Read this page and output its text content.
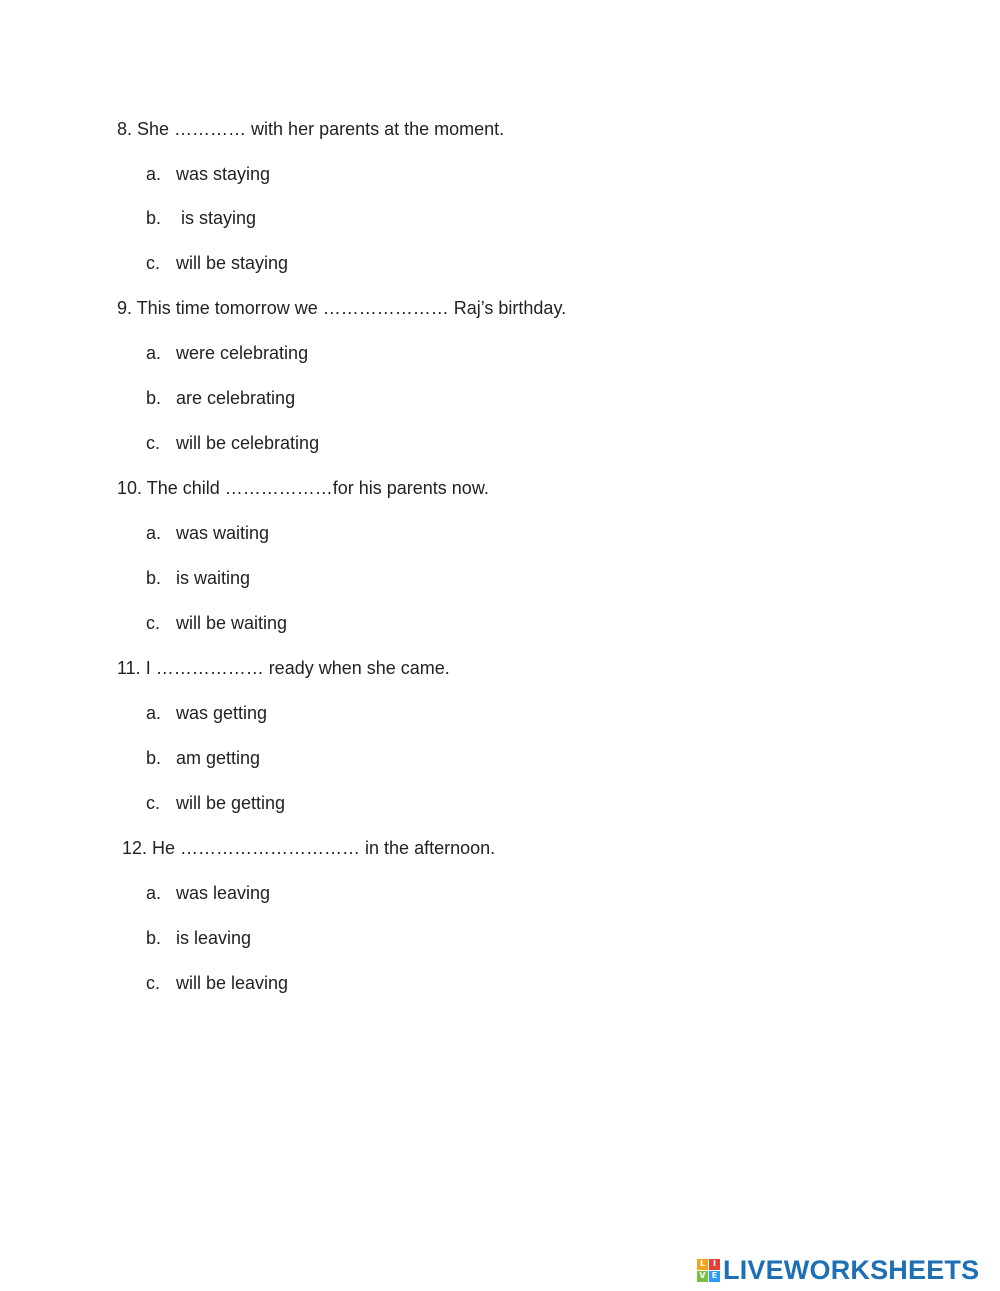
8. She ………… with her parents at the moment.
a. was staying
b. is staying
c. will be staying
9. This time tomorrow we ………………… Raj’s birthday.
a. were celebrating
b. are celebrating
c. will be celebrating
10. The child ………………for his parents now.
a. was waiting
b. is waiting
c. will be waiting
11. I ……………… ready when she came.
a. was getting
b. am getting
c. will be getting
12. He ………………………… in the afternoon.
a. was leaving
b. is leaving
c. will be leaving
L I
V E LIVEWORKSHEETS
